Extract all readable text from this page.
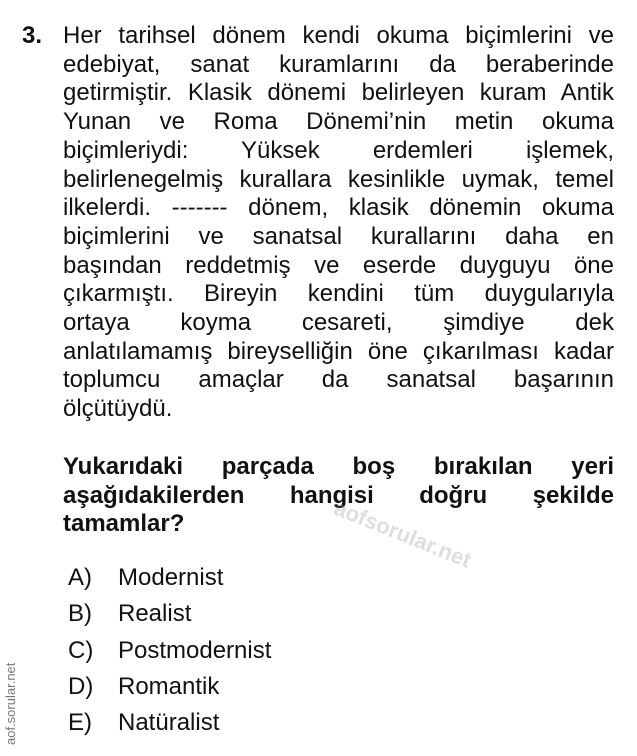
3. Her tarihsel dönem kendi okuma biçimlerini ve
edebiyat, sanat kuramlarını da beraberinde
getirmiştir. Klasik dönemi belirleyen kuram Antik
Yunan ve Roma Dönemi’nin metin okuma
biçimleriydi: Yüksek erdemleri işlemek,
belirlenegelmiş kurallara kesinlikle uymak, temel
ilkelerdi. ------- dönem, klasik dönemin okuma
biçimlerini ve sanatsal kurallarını daha en
başından reddetmiş ve eserde duyguyu öne
çıkarmıştı. Bireyin kendini tüm duygularıyla
ortaya koyma cesareti, şimdiye dek
anlatılamamış bireyselliğin öne çıkarılması kadar
toplumcu amaçlar da sanatsal başarının
ölçütüydü.
Yukarıdaki parçada boş bırakılan yeri
aşağıdakilerden hangisi doğru şekilde
tamamlar?	aofsorular.net
A) Modernist
B) Realist
C) Postmodernist
D) Romantik
E) Natüralist
aof.sorular.net
